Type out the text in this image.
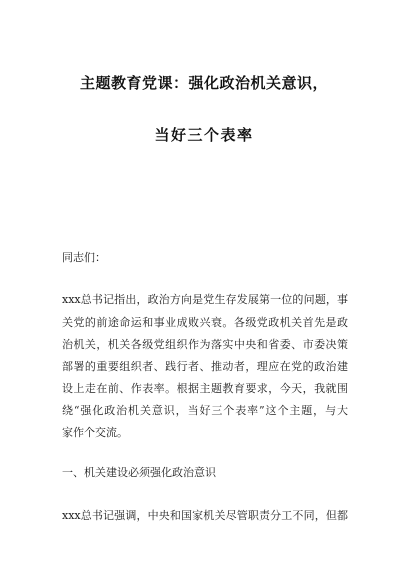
主题教育党课：强化政治机关意识，
当好三个表率
同志们：
xxx总书记指出，政治方向是党生存发展第一位的问题，事
关党的前途命运和事业成败兴衰。各级党政机关首先是政
治机关，机关各级党组织作为落实中央和省委、市委决策
部署的重要组织者、践行者、推动者，理应在党的政治建
设上走在前、作表率。根据主题教育要求，今天，我就围
绕“强化政治机关意识，当好三个表率”这个主题，与大
家作个交流。
一、机关建设必须强化政治意识
xxx总书记强调，中央和国家机关尽管职责分工不同，但都
